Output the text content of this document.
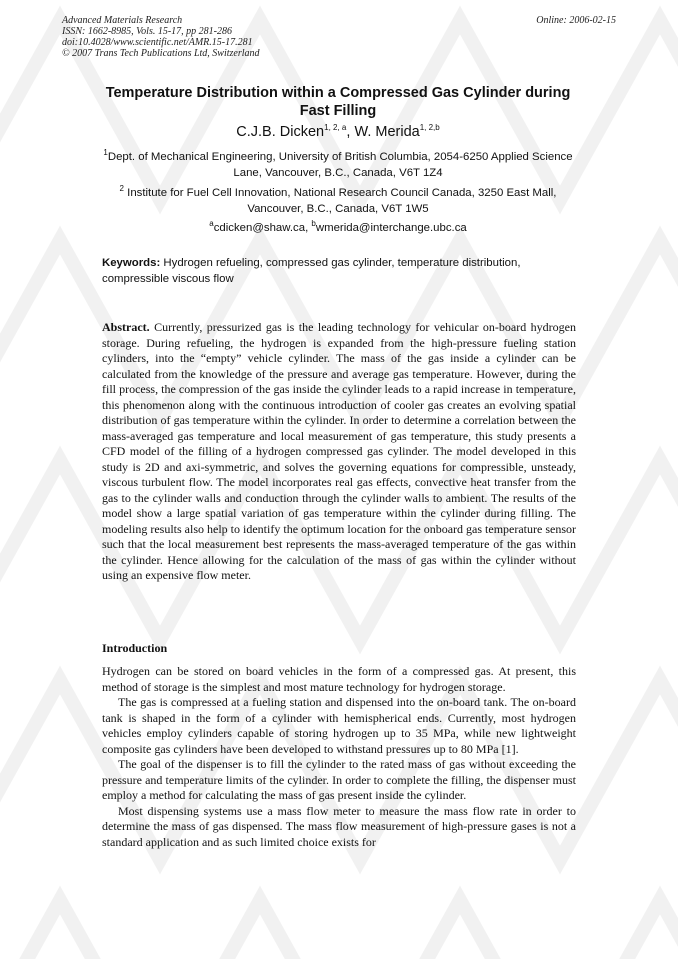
Advanced Materials Research
ISSN: 1662-8985, Vols. 15-17, pp 281-286
doi:10.4028/www.scientific.net/AMR.15-17.281
© 2007 Trans Tech Publications Ltd, Switzerland
Online: 2006-02-15
Temperature Distribution within a Compressed Gas Cylinder during Fast Filling
C.J.B. Dicken$^{1, 2, a}$, W. Merida$^{1, 2,b}$
$^1$Dept. of Mechanical Engineering, University of British Columbia, 2054-6250 Applied Science Lane, Vancouver, B.C., Canada, V6T 1Z4
$^2$ Institute for Fuel Cell Innovation, National Research Council Canada, 3250 East Mall, Vancouver, B.C., Canada, V6T 1W5
$^a$cdicken@shaw.ca, $^b$wmerida@interchange.ubc.ca
Keywords: Hydrogen refueling, compressed gas cylinder, temperature distribution, compressible viscous flow
Abstract. Currently, pressurized gas is the leading technology for vehicular on-board hydrogen storage. During refueling, the hydrogen is expanded from the high-pressure fueling station cylinders, into the “empty” vehicle cylinder. The mass of the gas inside a cylinder can be calculated from the knowledge of the pressure and average gas temperature. However, during the fill process, the compression of the gas inside the cylinder leads to a rapid increase in temperature, this phenomenon along with the continuous introduction of cooler gas creates an evolving spatial distribution of gas temperature within the cylinder. In order to determine a correlation between the mass-averaged gas temperature and local measurement of gas temperature, this study presents a CFD model of the filling of a hydrogen compressed gas cylinder. The model developed in this study is 2D and axi-symmetric, and solves the governing equations for compressible, unsteady, viscous turbulent flow. The model incorporates real gas effects, convective heat transfer from the gas to the cylinder walls and conduction through the cylinder walls to ambient. The results of the model show a large spatial variation of gas temperature within the cylinder during filling. The modeling results also help to identify the optimum location for the onboard gas temperature sensor such that the local measurement best represents the mass-averaged temperature of the gas within the cylinder. Hence allowing for the calculation of the mass of gas within the cylinder without using an expensive flow meter.
Introduction

Hydrogen can be stored on board vehicles in the form of a compressed gas. At present, this method of storage is the simplest and most mature technology for hydrogen storage.

The gas is compressed at a fueling station and dispensed into the on-board tank. The on-board tank is shaped in the form of a cylinder with hemispherical ends. Currently, most hydrogen vehicles employ cylinders capable of storing hydrogen up to 35 MPa, while new lightweight composite gas cylinders have been developed to withstand pressures up to 80 MPa [1].

The goal of the dispenser is to fill the cylinder to the rated mass of gas without exceeding the pressure and temperature limits of the cylinder. In order to complete the filling, the dispenser must employ a method for calculating the mass of gas present inside the cylinder.

Most dispensing systems use a mass flow meter to measure the mass flow rate in order to determine the mass of gas dispensed. The mass flow measurement of high-pressure gases is not a standard application and as such limited choice exists for
